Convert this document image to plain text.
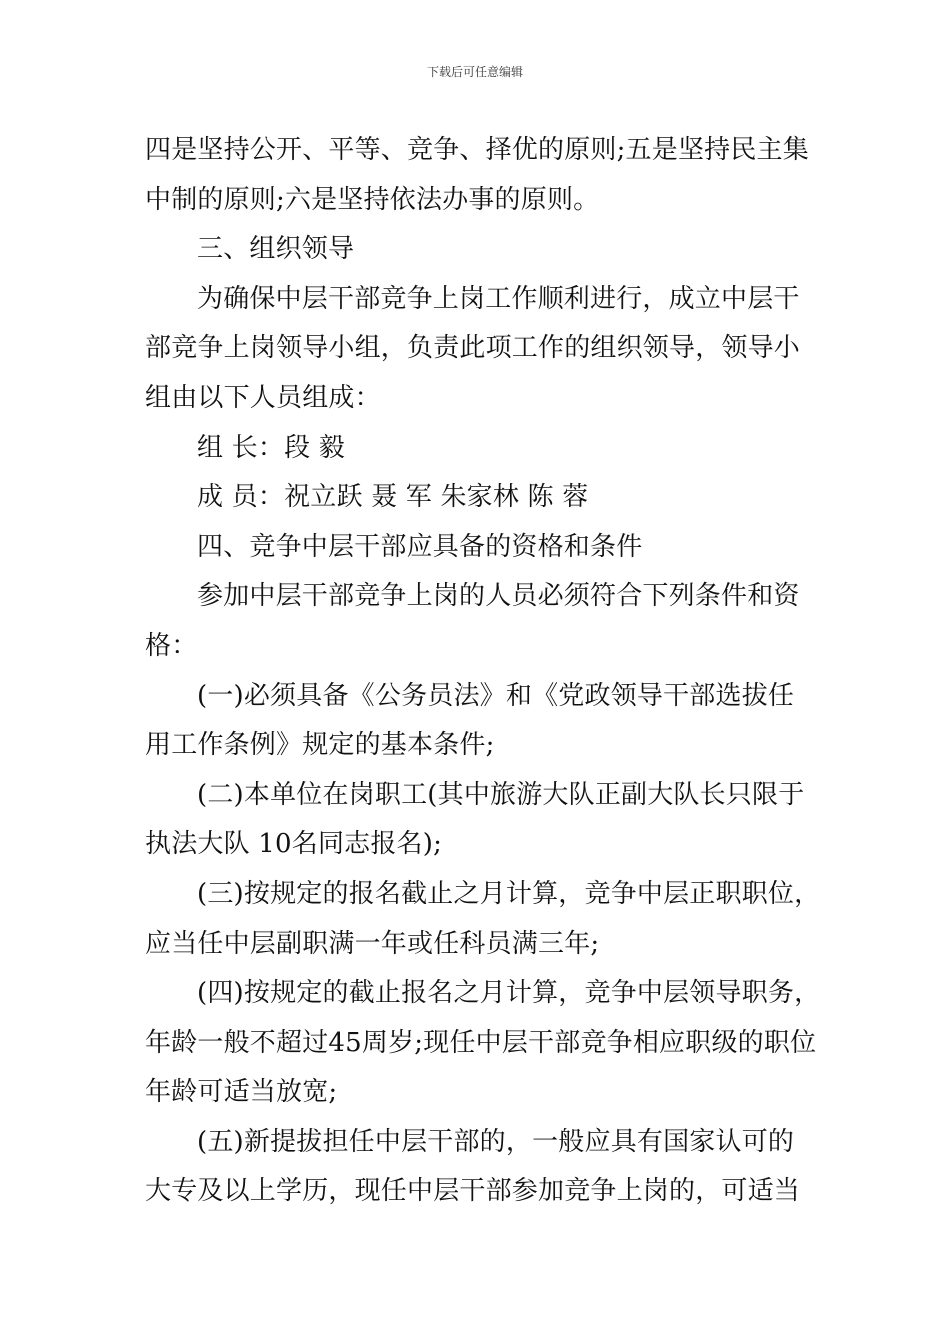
下载后可任意编辑
四是坚持公开、平等、竞争、择优的原则;五是坚持民主集
中制的原则;六是坚持依法办事的原则。
三、组织领导
为确保中层干部竞争上岗工作顺利进行，成立中层干
部竞争上岗领导小组，负责此项工作的组织领导，领导小
组由以下人员组成：
组 长：段 毅
成 员：祝立跃 聂 军 朱家林 陈 蓉
四、竞争中层干部应具备的资格和条件
参加中层干部竞争上岗的人员必须符合下列条件和资
格：
(一)必须具备《公务员法》和《党政领导干部选拔任
用工作条例》规定的基本条件;
(二)本单位在岗职工(其中旅游大队正副大队长只限于
执法大队 10名同志报名);
(三)按规定的报名截止之月计算，竞争中层正职职位，
应当任中层副职满一年或任科员满三年;
(四)按规定的截止报名之月计算，竞争中层领导职务，
年龄一般不超过45周岁;现任中层干部竞争相应职级的职位
年龄可适当放宽;
(五)新提拔担任中层干部的，一般应具有国家认可的
大专及以上学历，现任中层干部参加竞争上岗的，可适当
